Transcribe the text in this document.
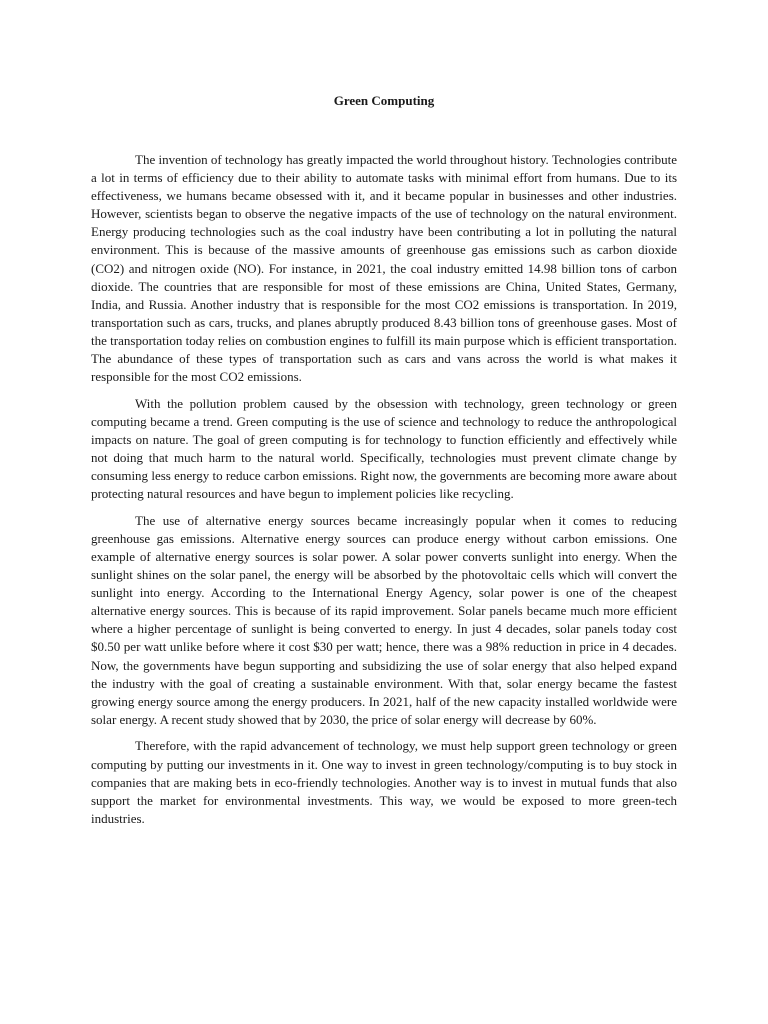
Green Computing

The invention of technology has greatly impacted the world throughout history. Technologies contribute a lot in terms of efficiency due to their ability to automate tasks with minimal effort from humans. Due to its effectiveness, we humans became obsessed with it, and it became popular in businesses and other industries. However, scientists began to observe the negative impacts of the use of technology on the natural environment. Energy producing technologies such as the coal industry have been contributing a lot in polluting the natural environment. This is because of the massive amounts of greenhouse gas emissions such as carbon dioxide (CO2) and nitrogen oxide (NO). For instance, in 2021, the coal industry emitted 14.98 billion tons of carbon dioxide. The countries that are responsible for most of these emissions are China, United States, Germany, India, and Russia. Another industry that is responsible for the most CO2 emissions is transportation. In 2019, transportation such as cars, trucks, and planes abruptly produced 8.43 billion tons of greenhouse gases. Most of the transportation today relies on combustion engines to fulfill its main purpose which is efficient transportation. The abundance of these types of transportation such as cars and vans across the world is what makes it responsible for the most CO2 emissions.

With the pollution problem caused by the obsession with technology, green technology or green computing became a trend. Green computing is the use of science and technology to reduce the anthropological impacts on nature. The goal of green computing is for technology to function efficiently and effectively while not doing that much harm to the natural world. Specifically, technologies must prevent climate change by consuming less energy to reduce carbon emissions. Right now, the governments are becoming more aware about protecting natural resources and have begun to implement policies like recycling.

The use of alternative energy sources became increasingly popular when it comes to reducing greenhouse gas emissions. Alternative energy sources can produce energy without carbon emissions. One example of alternative energy sources is solar power. A solar power converts sunlight into energy. When the sunlight shines on the solar panel, the energy will be absorbed by the photovoltaic cells which will convert the sunlight into energy. According to the International Energy Agency, solar power is one of the cheapest alternative energy sources. This is because of its rapid improvement. Solar panels became much more efficient where a higher percentage of sunlight is being converted to energy. In just 4 decades, solar panels today cost $0.50 per watt unlike before where it cost $30 per watt; hence, there was a 98% reduction in price in 4 decades. Now, the governments have begun supporting and subsidizing the use of solar energy that also helped expand the industry with the goal of creating a sustainable environment. With that, solar energy became the fastest growing energy source among the energy producers. In 2021, half of the new capacity installed worldwide were solar energy. A recent study showed that by 2030, the price of solar energy will decrease by 60%.

Therefore, with the rapid advancement of technology, we must help support green technology or green computing by putting our investments in it. One way to invest in green technology/computing is to buy stock in companies that are making bets in eco-friendly technologies. Another way is to invest in mutual funds that also support the market for environmental investments. This way, we would be exposed to more green-tech industries.
